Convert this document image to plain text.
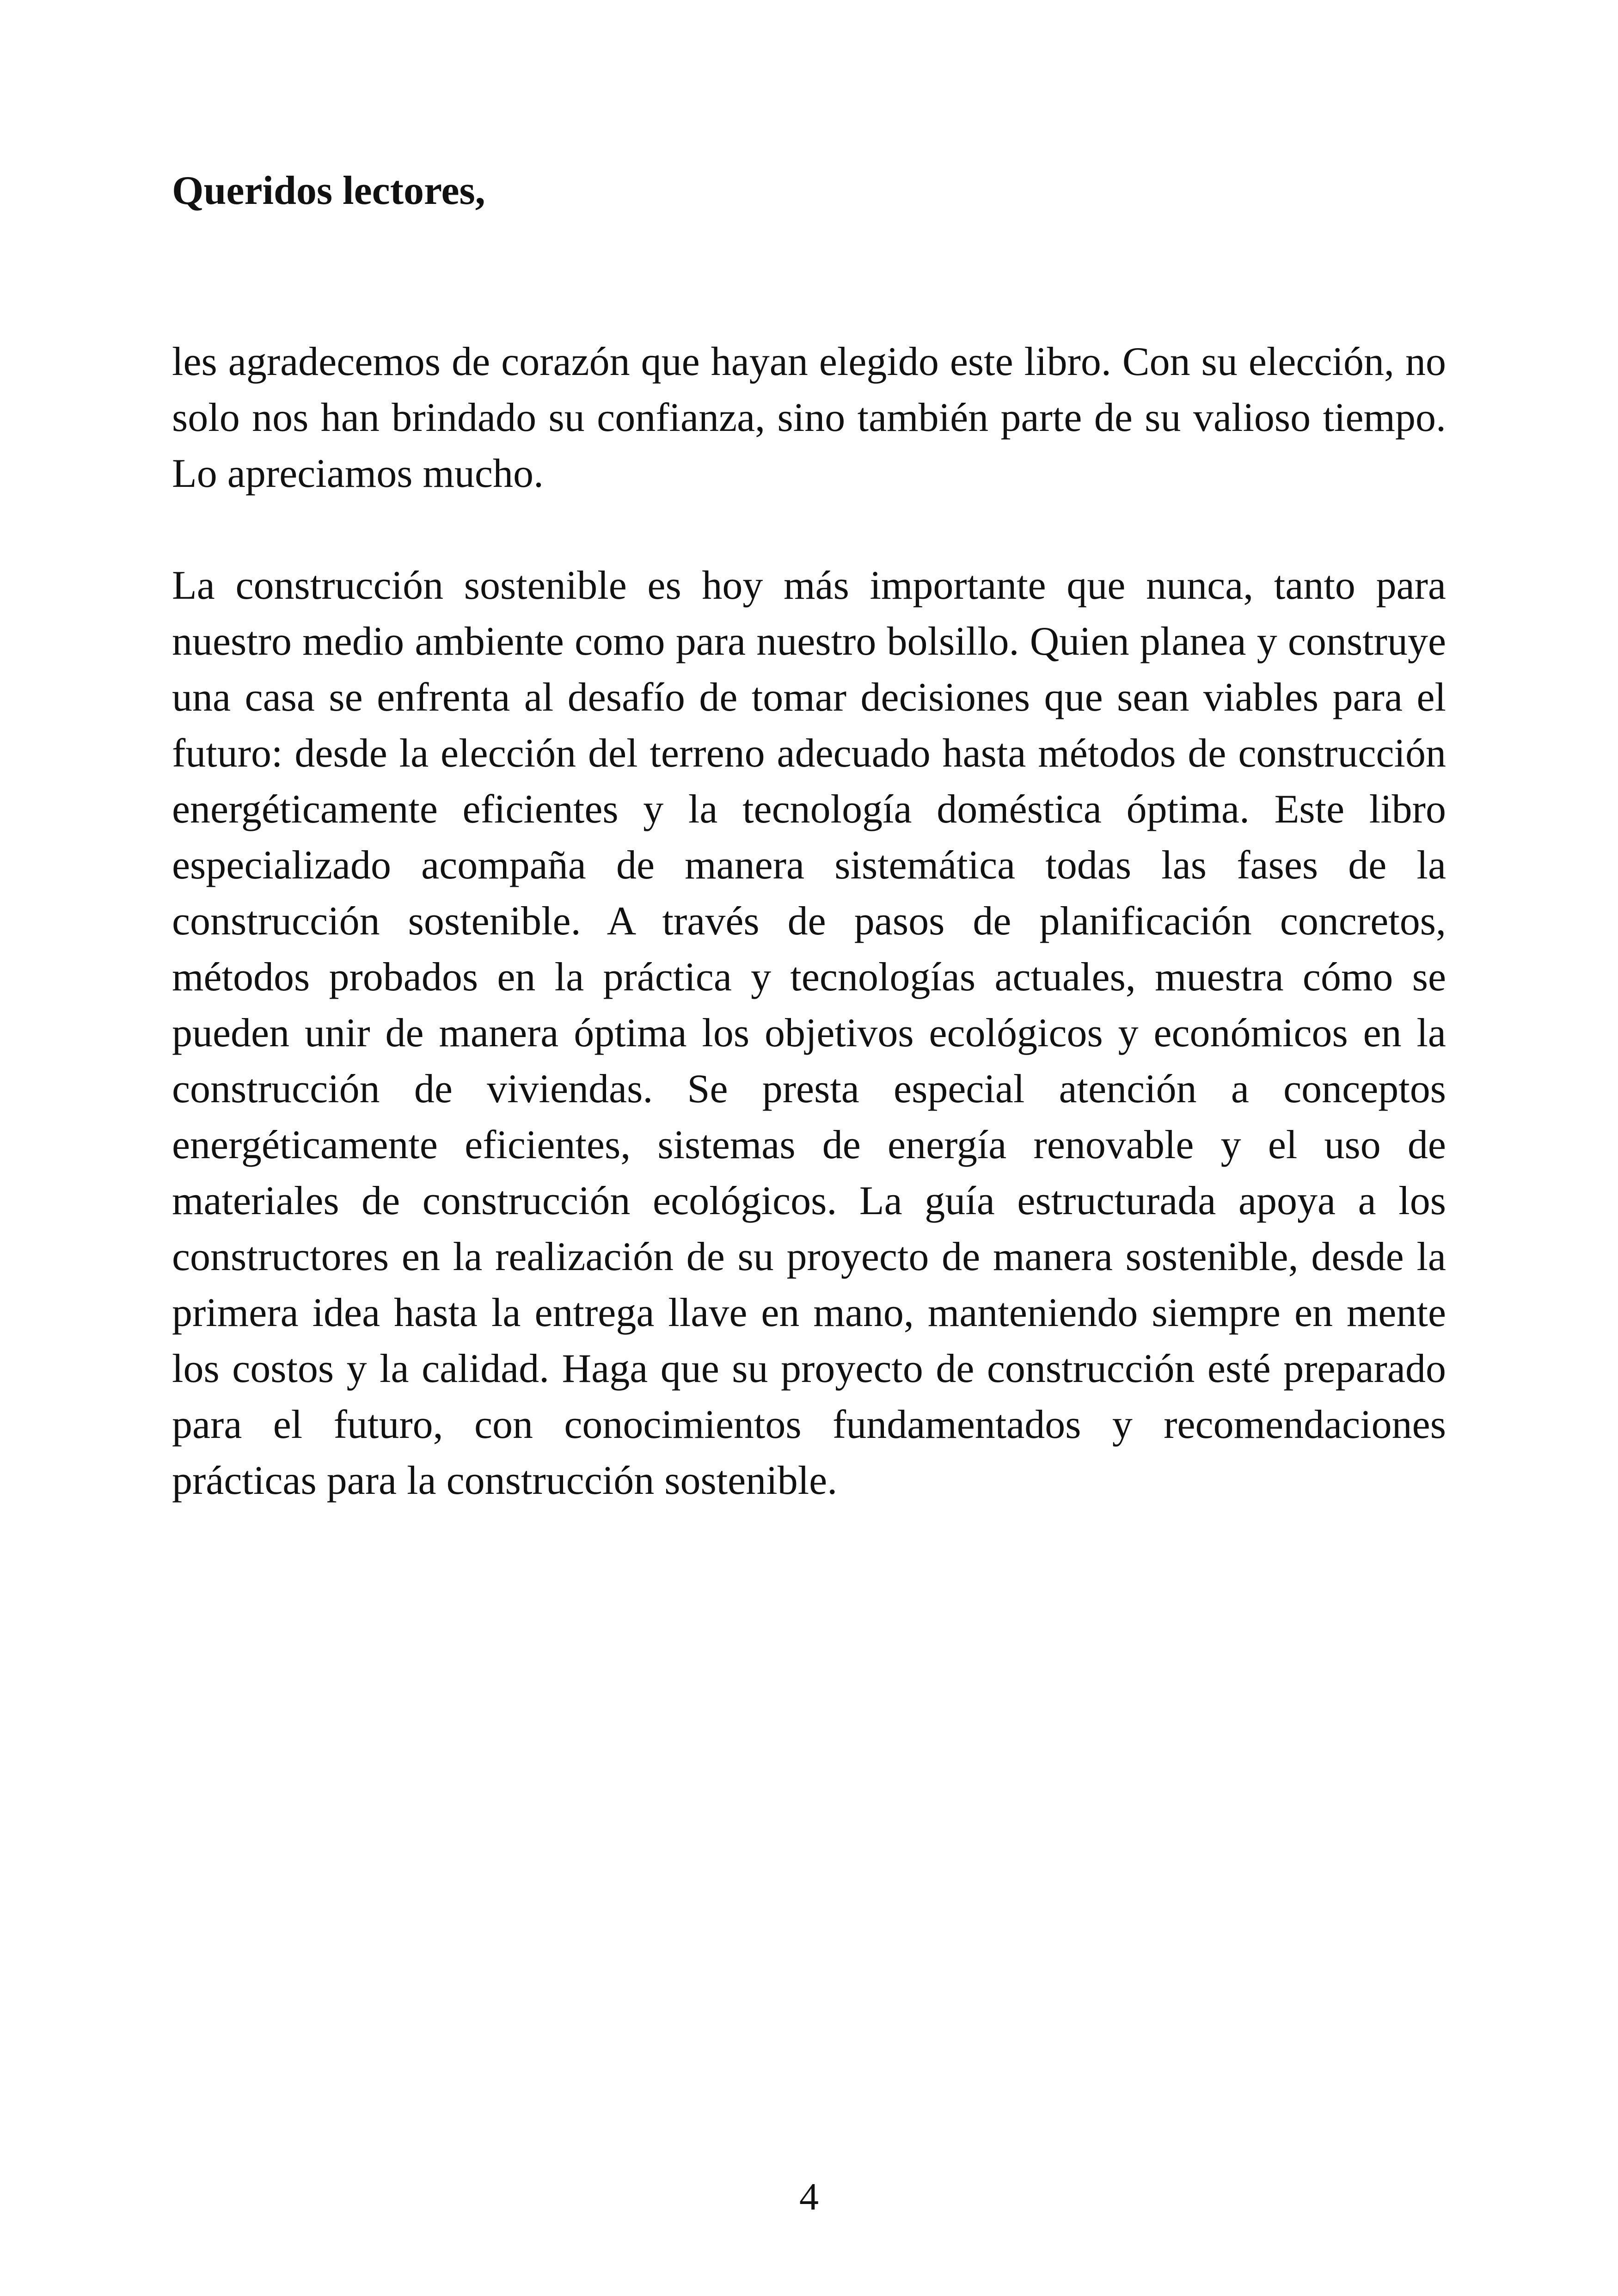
Queridos lectores,

les agradecemos de corazón que hayan elegido este libro. Con su elección, no solo nos han brindado su confianza, sino también parte de su valioso tiempo. Lo apreciamos mucho.

La construcción sostenible es hoy más importante que nunca, tanto para nuestro medio ambiente como para nuestro bolsillo. Quien planea y construye una casa se enfrenta al desafío de tomar decisiones que sean viables para el futuro: desde la elección del terreno adecuado hasta métodos de construcción energéticamente eficientes y la tecnología doméstica óptima. Este libro especializado acompaña de manera sistemática todas las fases de la construcción sostenible. A través de pasos de planificación concretos, métodos probados en la práctica y tecnologías actuales, muestra cómo se pueden unir de manera óptima los objetivos ecológicos y económicos en la construcción de viviendas. Se presta especial atención a conceptos energéticamente eficientes, sistemas de energía renovable y el uso de materiales de construcción ecológicos. La guía estructurada apoya a los constructores en la realización de su proyecto de manera sostenible, desde la primera idea hasta la entrega llave en mano, manteniendo siempre en mente los costos y la calidad. Haga que su proyecto de construcción esté preparado para el futuro, con conocimientos fundamentados y recomendaciones prácticas para la construcción sostenible.

4
